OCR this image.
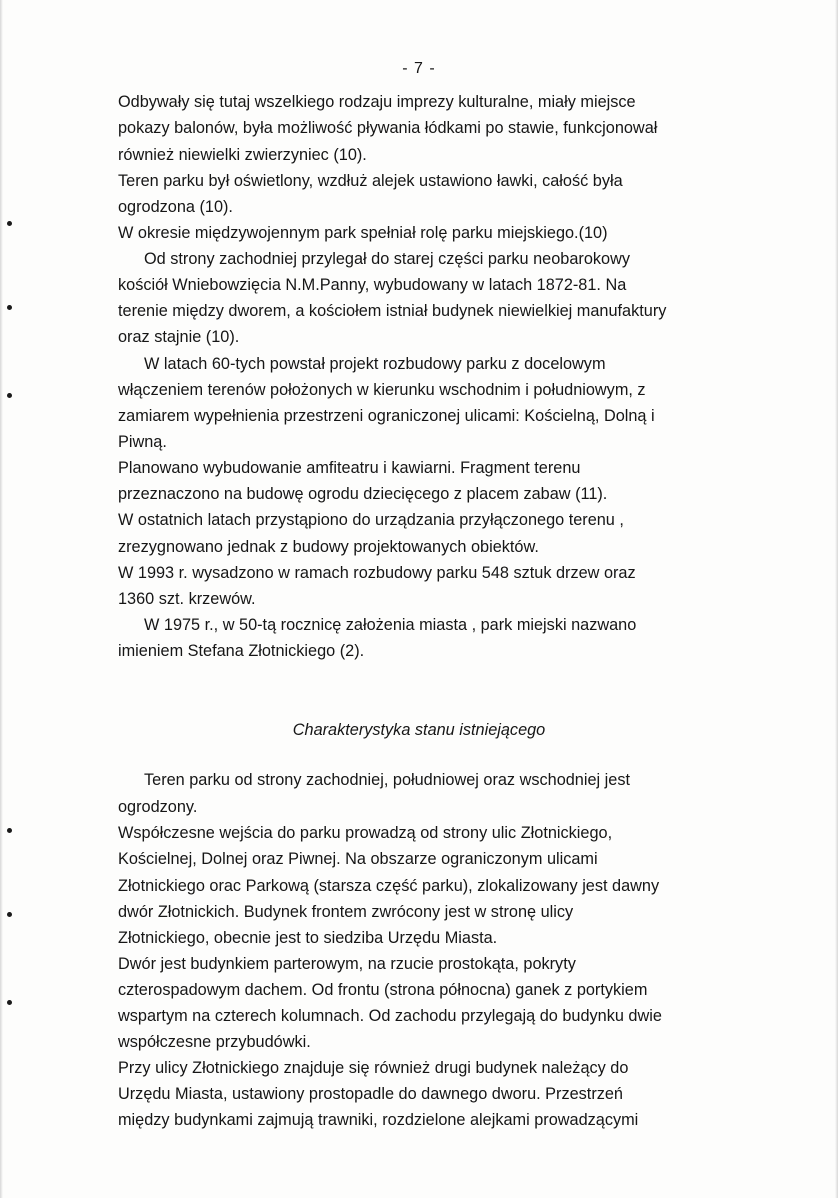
- 7 -

Odbywały się tutaj wszelkiego rodzaju imprezy kulturalne, miały miejsce

pokazy balonów, była możliwość pływania łódkami po stawie, funkcjonował

również niewielki zwierzyniec (10).

Teren parku był oświetlony, wzdłuż alejek ustawiono ławki, całość była

ogrodzona (10).

W okresie międzywojennym park spełniał rolę parku miejskiego.(10)

Od strony zachodniej przylegał do starej części parku neobarokowy

kościół Wniebowzięcia N.M.Panny, wybudowany w latach 1872-81. Na

terenie między dworem, a kościołem istniał budynek niewielkiej manufaktury

oraz stajnie (10).

W latach 60-tych powstał projekt rozbudowy parku z docelowym

włączeniem terenów położonych w kierunku wschodnim i południowym, z

zamiarem wypełnienia przestrzeni ograniczonej ulicami: Kościelną, Dolną i

Piwną.

Planowano wybudowanie amfiteatru i kawiarni. Fragment terenu

przeznaczono na budowę ogrodu dziecięcego z placem zabaw (11).

W ostatnich latach przystąpiono do urządzania przyłączonego terenu ,

zrezygnowano jednak z budowy projektowanych obiektów.

W 1993 r. wysadzono w ramach rozbudowy parku 548 sztuk drzew oraz

1360 szt. krzewów.

W 1975 r., w 50-tą rocznicę założenia miasta , park miejski nazwano

imieniem Stefana Złotnickiego (2).

Charakterystyka stanu istniejącego

Teren parku od strony zachodniej, południowej oraz wschodniej jest

ogrodzony.

Współczesne wejścia do parku prowadzą od strony ulic Złotnickiego,

Kościelnej, Dolnej oraz Piwnej. Na obszarze ograniczonym ulicami

Złotnickiego orac Parkową (starsza część parku), zlokalizowany jest dawny

dwór Złotnickich. Budynek frontem zwrócony jest w stronę ulicy

Złotnickiego, obecnie jest to siedziba Urzędu Miasta.

Dwór jest budynkiem parterowym, na rzucie prostokąta, pokryty

czterospadowym dachem. Od frontu (strona północna) ganek z portykiem

wspartym na czterech kolumnach. Od zachodu przylegają do budynku dwie

współczesne przybudówki.

Przy ulicy Złotnickiego znajduje się również drugi budynek należący do

Urzędu Miasta, ustawiony prostopadle do dawnego dworu. Przestrzeń

między budynkami zajmują trawniki, rozdzielone alejkami prowadzącymi
